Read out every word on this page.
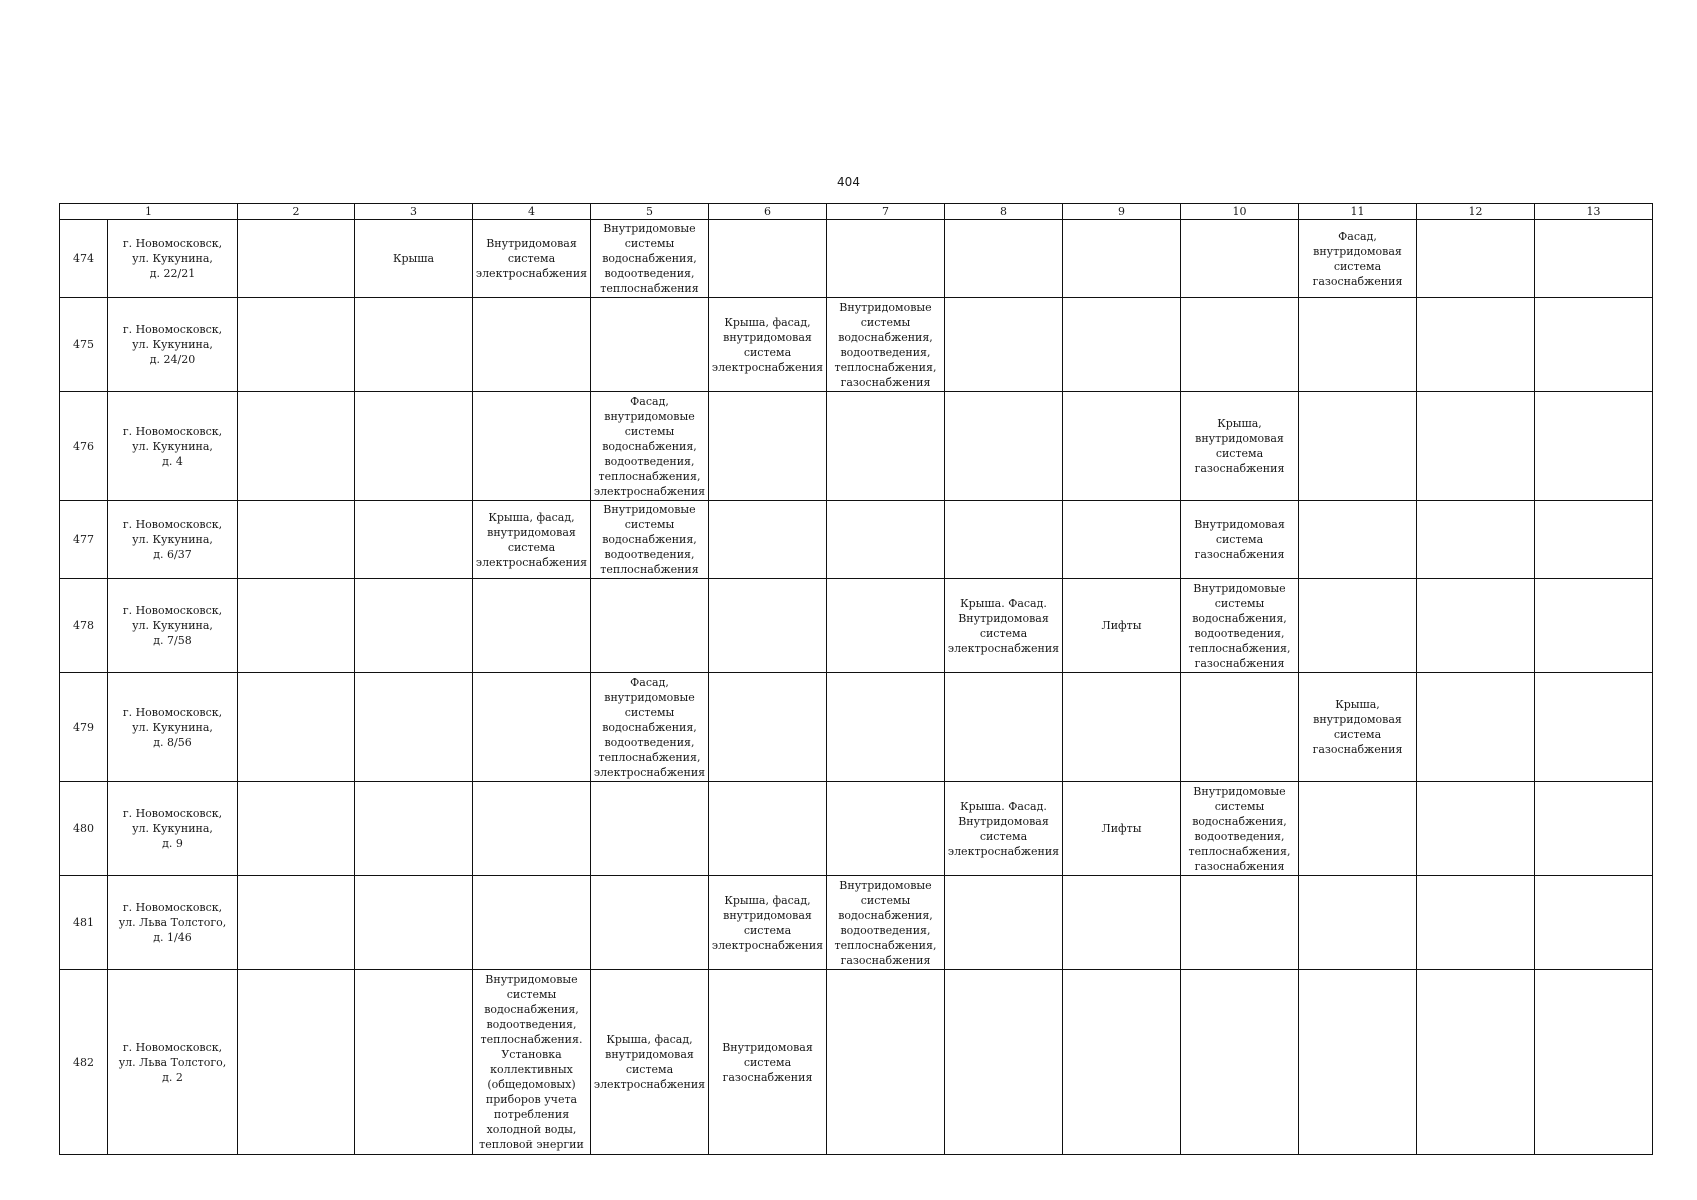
404
1		2	3	4	5	6	7	8	9	10	11	12	13
474	г. Новомосковск,
ул. Кукунина,
д. 22/21		Крыша	Внутридомовая система электроснабжения	Внутридомовые системы водоснабжения, водоотведения, теплоснабжения						Фасад, внутридомовая система газоснабжения		

475	г. Новомосковск,
ул. Кукунина,
д. 24/20					Крыша, фасад, внутридомовая система электроснабжения	Внутридомовые системы водоснабжения, водоотведения, теплоснабжения, газоснабжения						

476	г. Новомосковск,
ул. Кукунина,
д. 4				Фасад, внутридомовые системы водоснабжения, водоотведения, теплоснабжения, электроснабжения					Крыша, внутридомовая система газоснабжения			

477	г. Новомосковск,
ул. Кукунина,
д. 6/37			Крыша, фасад, внутридомовая система электроснабжения	Внутридомовые системы водоснабжения, водоотведения, теплоснабжения					Внутридомовая система газоснабжения			

478	г. Новомосковск,
ул. Кукунина,
д. 7/58							Крыша. Фасад. Внутридомовая система электроснабжения	Лифты	Внутридомовые системы водоснабжения, водоотведения, теплоснабжения, газоснабжения			

479	г. Новомосковск,
ул. Кукунина,
д. 8/56				Фасад, внутридомовые системы водоснабжения, водоотведения, теплоснабжения, электроснабжения						Крыша, внутридомовая система газоснабжения		

480	г. Новомосковск,
ул. Кукунина,
д. 9							Крыша. Фасад. Внутридомовая система электроснабжения	Лифты	Внутридомовые системы водоснабжения, водоотведения, теплоснабжения, газоснабжения			

481	г. Новомосковск,
ул. Льва Толстого,
д. 1/46					Крыша, фасад, внутридомовая система электроснабжения	Внутридомовые системы водоснабжения, водоотведения, теплоснабжения, газоснабжения						

482	г. Новомосковск,
ул. Льва Толстого,
д. 2			Внутридомовые системы водоснабжения, водоотведения, теплоснабжения. Установка коллективных (общедомовых) приборов учета потребления холодной воды, тепловой энергии	Крыша, фасад, внутридомовая система электроснабжения	Внутридомовая система газоснабжения							
